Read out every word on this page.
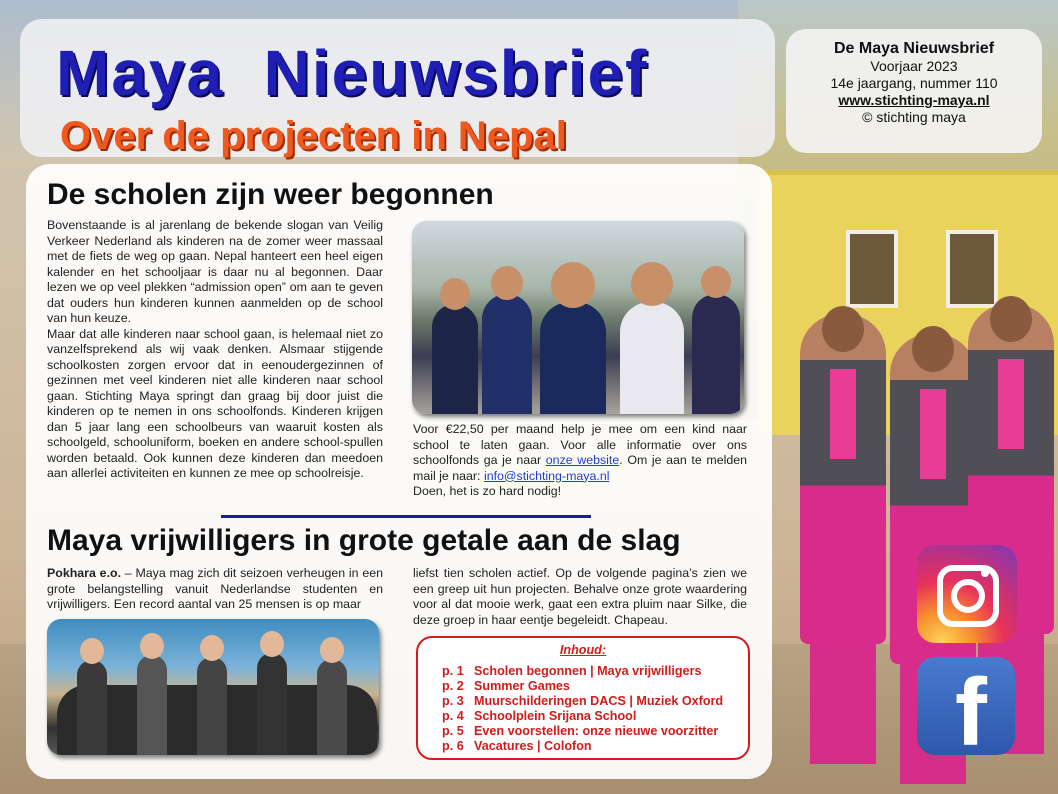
Maya  Nieuwsbrief
Over de projecten in Nepal
De Maya Nieuwsbrief
Voorjaar 2023
14e jaargang, nummer 110
www.stichting-maya.nl
© stichting maya
De scholen zijn weer begonnen

Bovenstaande is al jarenlang de bekende slogan van Veilig Verkeer Nederland als kinderen na de zomer weer massaal met de fiets de weg op gaan. Nepal hanteert een heel eigen kalender en het schooljaar is daar nu al begonnen. Daar lezen we op veel plekken “admission open” om aan te geven dat ouders hun kinderen kunnen aanmelden op de school van hun keuze.

Maar dat alle kinderen naar school gaan, is helemaal niet zo vanzelfsprekend als wij vaak denken. Alsmaar stijgende schoolkosten zorgen ervoor dat in eenoudergezinnen of gezinnen met veel kinderen niet alle kinderen naar school gaan. Stichting Maya springt dan graag bij door juist die kinderen op te nemen in ons schoolfonds. Kinderen krijgen dan 5 jaar lang een schoolbeurs van waaruit kosten als schoolgeld, schooluniform, boeken en andere school-spullen worden betaald. Ook kunnen deze kinderen dan meedoen aan allerlei activiteiten en kunnen ze mee op schoolreisje.

Voor €22,50 per maand help je mee om een kind naar school te laten gaan. Voor alle informatie over ons schoolfonds ga je naar onze website. Om je aan te melden mail je naar: info@stichting-maya.nl

Doen, het is zo hard nodig!

Maya vrijwilligers in grote getale aan de slag

Pokhara e.o. – Maya mag zich dit seizoen verheugen in een grote belangstelling vanuit Nederlandse studenten en vrijwilligers. Een record aantal van 25 mensen is op maar

liefst tien scholen actief. Op de volgende pagina’s zien we een greep uit hun projecten. Behalve onze grote waardering voor al dat mooie werk, gaat een extra pluim naar Silke, die deze groep in haar eentje begeleidt. Chapeau.

Inhoud:
p. 1 Scholen begonnen | Maya vrijwilligers
p. 2 Summer Games
p. 3 Muurschilderingen DACS | Muziek Oxford
p. 4 Schoolplein Srijana School
p. 5 Even voorstellen: onze nieuwe voorzitter
p. 6 Vacatures | Colofon	f
